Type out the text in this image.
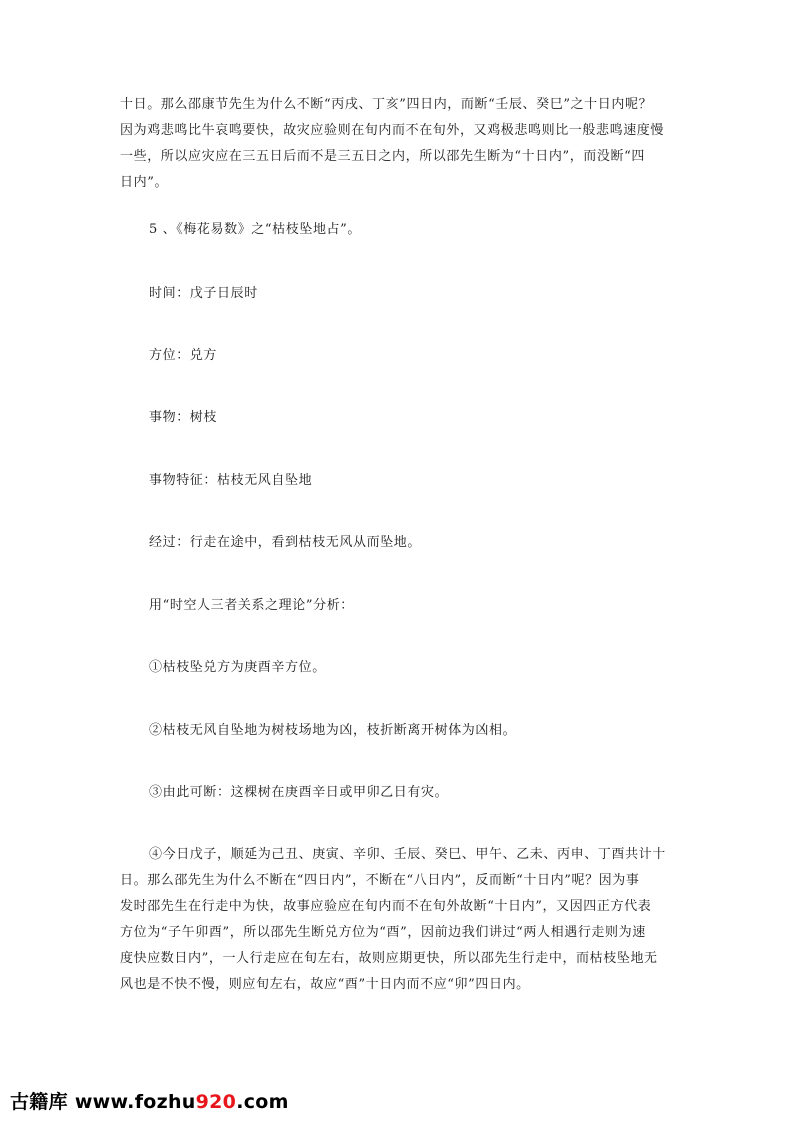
十日。那么邵康节先生为什么不断“丙戌、丁亥”四日内，而断“壬辰、癸巳”之十日内呢？
因为鸡悲鸣比牛哀鸣要快，故灾应验则在旬内而不在旬外，又鸡极悲鸣则比一般悲鸣速度慢
一些，所以应灾应在三五日后而不是三五日之内，所以邵先生断为“十日内”，而没断“四
日内”。

5 、《梅花易数》之“枯枝坠地占”。

时间：戊子日辰时

方位：兑方

事物：树枝

事物特征：枯枝无风自坠地

经过：行走在途中，看到枯枝无风从而坠地。

用“时空人三者关系之理论”分析：

①枯枝坠兑方为庚酉辛方位。

②枯枝无风自坠地为树枝场地为凶，枝折断离开树体为凶相。

③由此可断：这棵树在庚酉辛日或甲卯乙日有灾。

④今日戊子，顺延为己丑、庚寅、辛卯、壬辰、癸巳、甲午、乙未、丙申、丁酉共计十
日。那么邵先生为什么不断在“四日内”，不断在“八日内”，反而断“十日内”呢？因为事
发时邵先生在行走中为快，故事应验应在旬内而不在旬外故断“十日内”，又因四正方代表
方位为“子午卯酉”，所以邵先生断兑方位为“酉”，因前边我们讲过“两人相遇行走则为速
度快应数日内”，一人行走应在旬左右，故则应期更快，所以邵先生行走中，而枯枝坠地无
风也是不快不慢，则应旬左右，故应“酉”十日内而不应“卯”四日内。

古籍库 www.fozhu920.com
